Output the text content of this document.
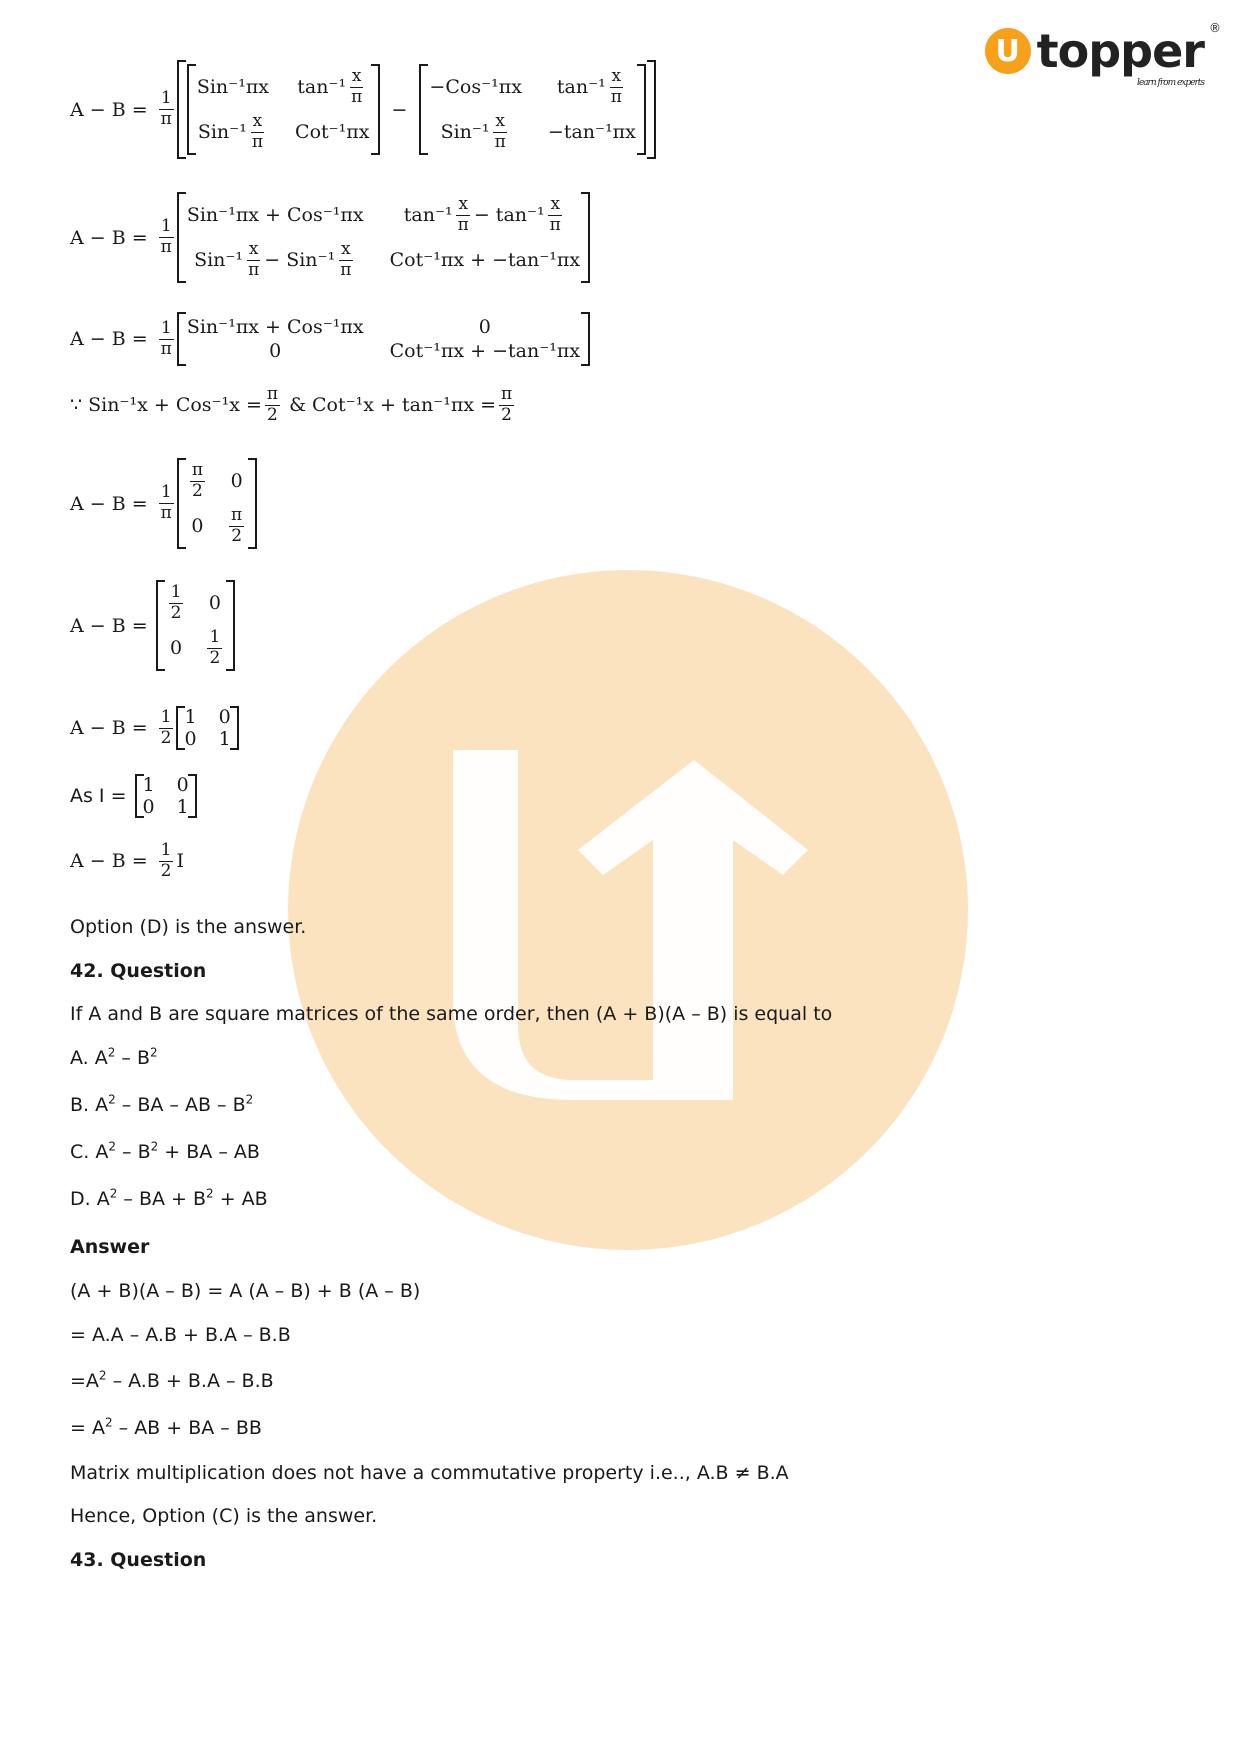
U topper ®
learn from experts
$A - B = \frac{1}{\pi}$
Sin⁻¹πx $\tan^{-1} \frac{x}{\pi}$
$Sin^{-1} \frac{x}{\pi} Cot^{-1}\pi x$
−
−Cos⁻¹πx $\tan^{-1} \frac{x}{\pi}$
$Sin^{-1} \frac{x}{\pi} -\tan^{-1}\pi x$
$A - B = \frac{1}{\pi}$
Sin⁻¹πx + Cos⁻¹πx $\tan^{-1} \frac{x}{\pi} - \tan^{-1} \frac{x}{\pi}$
$Sin^{-1} \frac{x}{\pi} - Sin^{-1} \frac{x}{\pi} Cot^{-1}\pi x + -\tan^{-1}\pi x$
$A - B = \frac{1}{\pi} Sin^{-1}\pi x + Cos^{-1}\pi x$	0
0	Cot⁻¹πx + −tan⁻¹πx
∵ $Sin^{-1}x + Cos^{-1}x = \frac{\pi}{2}$ & $Cot^{-1}x + \tan^{-1}\pi x = \frac{\pi}{2}$
$A - B = \frac{1}{\pi}$
$\frac{\pi}{2} 0$
$0 \frac{\pi}{2}$
A − B =
$\frac{1}{2} 0$
$0 \frac{1}{2}$
$A - B = \frac{1}{2} 1$ 0
0 1
As I = 1 0
0 1
$A - B = \frac{1}{2}$ I
Option (D) is the answer.
42. Question
If A and B are square matrices of the same order, then (A + B)(A – B) is equal to
A. $A^2 - B^2$
B. $A^2$ – BA – AB – $B^2$
C. $A^2 - B^2$ + BA – AB
D. $A^2$ – BA + $B^2$ + AB
Answer
(A + B)(A – B) = A (A – B) + B (A – B)
= A.A – A.B + B.A – B.B
$=A^2 - A.B + B.A - B.B$
= $A^2$ – AB + BA – BB
Matrix multiplication does not have a commutative property i.e.., A.B ≠ B.A
Hence, Option (C) is the answer.
43. Question
